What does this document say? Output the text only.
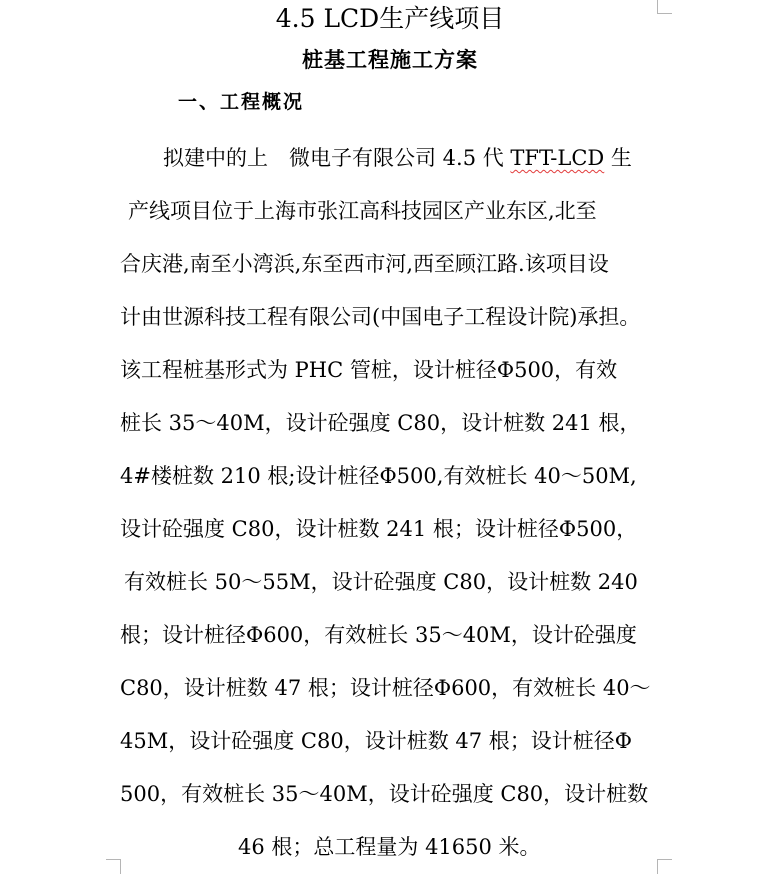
4.5 LCD生产线项目
桩基工程施工方案
一、工程概况
拟建中的上　微电子有限公司 4.5 代 TFT-LCD 生
产线项目位于上海市张江高科技园区产业东区,北至
合庆港,南至小湾浜,东至西市河,西至顾江路.该项目设
计由世源科技工程有限公司(中国电子工程设计院)承担。
该工程桩基形式为 PHC 管桩，设计桩径Φ500，有效
桩长 35～40M，设计砼强度 C80，设计桩数 241 根，
4#楼桩数 210 根;设计桩径Φ500,有效桩长 40～50M,
设计砼强度 C80，设计桩数 241 根；设计桩径Φ500，
有效桩长 50～55M，设计砼强度 C80，设计桩数 240
根；设计桩径Φ600，有效桩长 35～40M，设计砼强度
C80，设计桩数 47 根；设计桩径Φ600，有效桩长 40～
45M，设计砼强度 C80，设计桩数 47 根；设计桩径Φ
500，有效桩长 35～40M，设计砼强度 C80，设计桩数
46 根；总工程量为 41650 米。
